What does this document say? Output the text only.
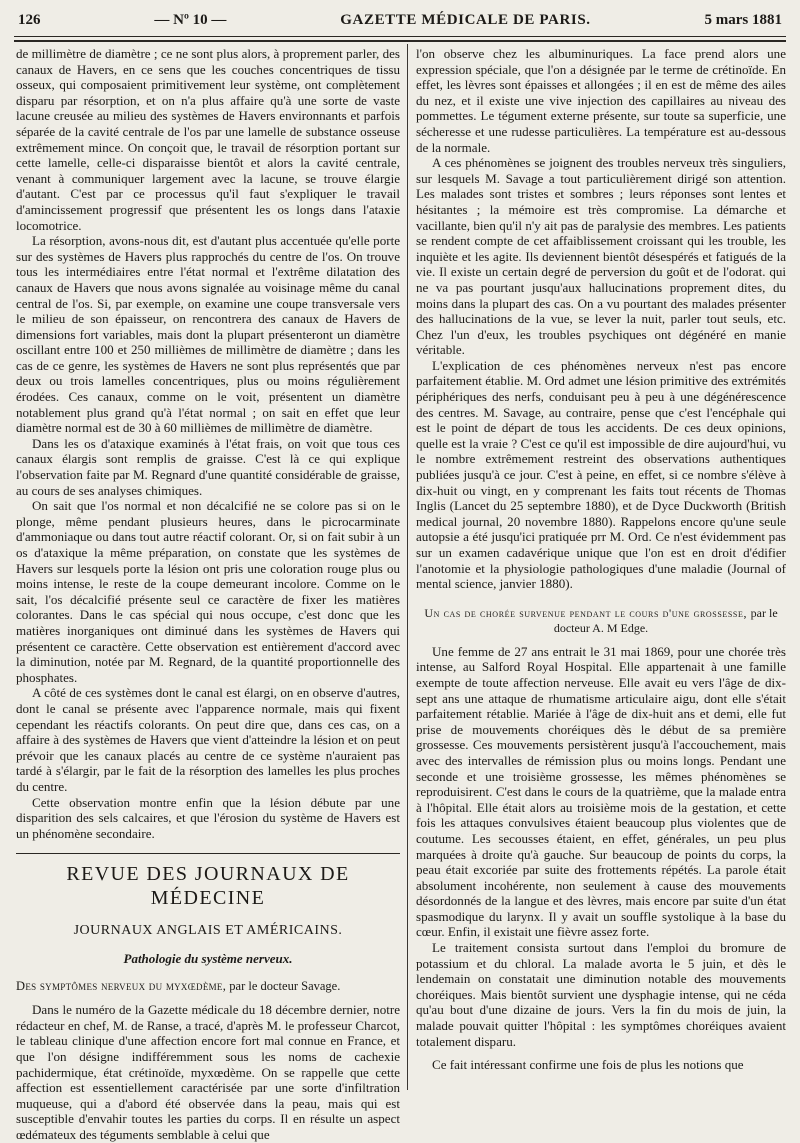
126	— Nº 10 —	GAZETTE MÉDICALE DE PARIS.	5 mars 1881

de millimètre de diamètre ; ce ne sont plus alors, à proprement parler, des canaux de Havers, en ce sens que les couches concentriques de tissu osseux, qui composaient primitivement leur système, ont complètement disparu par résorption, et on n'a plus affaire qu'à une sorte de vaste lacune creusée au milieu des systèmes de Havers environnants et parfois séparée de la cavité centrale de l'os par une lamelle de substance osseuse extrêmement mince. On conçoit que, le travail de résorption portant sur cette lamelle, celle-ci disparaisse bientôt et alors la cavité centrale, venant à communiquer largement avec la lacune, se trouve élargie d'autant. C'est par ce processus qu'il faut s'expliquer le travail d'amincissement progressif que présentent les os longs dans l'ataxie locomotrice.

La résorption, avons-nous dit, est d'autant plus accentuée qu'elle porte sur des systèmes de Havers plus rapprochés du centre de l'os. On trouve tous les intermédiaires entre l'état normal et l'extrême dilatation des canaux de Havers que nous avons signalée au voisinage même du canal central de l'os. Si, par exemple, on examine une coupe transversale vers le milieu de son épaisseur, on rencontrera des canaux de Havers de dimensions fort variables, mais dont la plupart présenteront un diamètre oscillant entre 100 et 250 millièmes de millimètre de diamètre ; dans les cas de ce genre, les systèmes de Havers ne sont plus représentés que par deux ou trois lamelles concentriques, plus ou moins régulièrement érodées. Ces canaux, comme on le voit, présentent un diamètre notablement plus grand qu'à l'état normal ; on sait en effet que leur diamètre normal est de 30 à 60 millièmes de millimètre de diamètre.

Dans les os d'ataxique examinés à l'état frais, on voit que tous ces canaux élargis sont remplis de graisse. C'est là ce qui explique l'observation faite par M. Regnard d'une quantité considérable de graisse, au cours de ses analyses chimiques.

On sait que l'os normal et non décalcifié ne se colore pas si on le plonge, même pendant plusieurs heures, dans le picrocarminate d'ammoniaque ou dans tout autre réactif colorant. Or, si on fait subir à un os d'ataxique la même préparation, on constate que les systèmes de Havers sur lesquels porte la lésion ont pris une coloration rouge plus ou moins intense, le reste de la coupe demeurant incolore. Comme on le sait, l'os décalcifié présente seul ce caractère de fixer les matières colorantes. Dans le cas spécial qui nous occupe, c'est donc que les matières inorganiques ont diminué dans les systèmes de Havers qui présentent ce caractère. Cette observation est entièrement d'accord avec la diminution, notée par M. Regnard, de la quantité proportionnelle des phosphates.

A côté de ces systèmes dont le canal est élargi, on en observe d'autres, dont le canal se présente avec l'apparence normale, mais qui fixent cependant les réactifs colorants. On peut dire que, dans ces cas, on a affaire à des systèmes de Havers que vient d'atteindre la lésion et on peut prévoir que les canaux placés au centre de ce système n'auraient pas tardé à s'élargir, par le fait de la résorption des lamelles les plus proches du centre.

Cette observation montre enfin que la lésion débute par une disparition des sels calcaires, et que l'érosion du système de Havers est un phénomène secondaire.

REVUE DES JOURNAUX DE MÉDECINE
JOURNAUX ANGLAIS ET AMÉRICAINS.
Pathologie du système nerveux.
Des symptômes nerveux du myxœdème, par le docteur Savage.

Dans le numéro de la Gazette médicale du 18 décembre dernier, notre rédacteur en chef, M. de Ranse, a tracé, d'après M. le professeur Charcot, le tableau clinique d'une affection encore fort mal connue en France, et que l'on désigne indifféremment sous les noms de cachexie pachidermique, état crétinoïde, myxœdème. On se rappelle que cette affection est essentiellement caractérisée par une sorte d'infiltration muqueuse, qui a d'abord été observée dans la peau, mais qui est susceptible d'envahir toutes les parties du corps. Il en résulte un aspect œdémateux des téguments semblable à celui que

l'on observe chez les albuminuriques. La face prend alors une expression spéciale, que l'on a désignée par le terme de crétinoïde. En effet, les lèvres sont épaisses et allongées ; il en est de même des ailes du nez, et il existe une vive injection des capillaires au niveau des pommettes. Le tégument externe présente, sur toute sa superficie, une sécheresse et une rudesse particulières. La température est au-dessous de la normale.

A ces phénomènes se joignent des troubles nerveux très singuliers, sur lesquels M. Savage a tout particulièrement dirigé son attention. Les malades sont tristes et sombres ; leurs réponses sont lentes et hésitantes ; la mémoire est très compromise. La démarche et vacillante, bien qu'il n'y ait pas de paralysie des membres. Les patients se rendent compte de cet affaiblissement croissant qui les trouble, les inquiète et les agite. Ils deviennent bientôt désespérés et fatigués de la vie. Il existe un certain degré de perversion du goût et de l'odorat. qui ne va pas pourtant jusqu'aux hallucinations proprement dites, du moins dans la plupart des cas. On a vu pourtant des malades présenter des hallucinations de la vue, se lever la nuit, parler tout seuls, etc. Chez l'un d'eux, les troubles psychiques ont dégénéré en manie véritable.

L'explication de ces phénomènes nerveux n'est pas encore parfaitement établie. M. Ord admet une lésion primitive des extrémités périphériques des nerfs, conduisant peu à peu à une dégénérescence des centres. M. Savage, au contraire, pense que c'est l'encéphale qui est le point de départ de tous les accidents. De ces deux opinions, quelle est la vraie ? C'est ce qu'il est impossible de dire aujourd'hui, vu le nombre extrêmement restreint des observations authentiques publiées jusqu'à ce jour. C'est à peine, en effet, si ce nombre s'élève à dix-huit ou vingt, en y comprenant les faits tout récents de Thomas Inglis (Lancet du 25 septembre 1880), et de Dyce Duckworth (British medical journal, 20 novembre 1880). Rappelons encore qu'une seule autopsie a été jusqu'ici pratiquée prr M. Ord. Ce n'est évidemment pas sur un examen cadavérique unique que l'on est en droit d'édifier l'anotomie et la physiologie pathologiques d'une maladie (Journal of mental science, janvier 1880).

Un cas de chorée survenue pendant le cours d'une grossesse, par le docteur A. M Edge.

Une femme de 27 ans entrait le 31 mai 1869, pour une chorée très intense, au Salford Royal Hospital. Elle appartenait à une famille exempte de toute affection nerveuse. Elle avait eu vers l'âge de dix-sept ans une attaque de rhumatisme articulaire aigu, dont elle s'était parfaitement rétablie. Mariée à l'âge de dix-huit ans et demi, elle fut prise de mouvements choréiques dès le début de sa première grossesse. Ces mouvements persistèrent jusqu'à l'accouchement, mais avec des intervalles de rémission plus ou moins longs. Pendant une seconde et une troisième grossesse, les mêmes phénomènes se reproduisirent. C'est dans le cours de la quatrième, que la malade entra à l'hôpital. Elle était alors au troisième mois de la gestation, et cette fois les attaques convulsives étaient beaucoup plus violentes que de coutume. Les secousses étaient, en effet, générales, un peu plus marquées à droite qu'à gauche. Sur beaucoup de points du corps, la peau était excoriée par suite des frottements répétés. La parole était absolument incohérente, non seulement à cause des mouvements désordonnés de la langue et des lèvres, mais encore par suite d'un état spasmodique du larynx. Il y avait un souffle systolique à la base du cœur. Enfin, il existait une fièvre assez forte.

Le traitement consista surtout dans l'emploi du bromure de potassium et du chloral. La malade avorta le 5 juin, et dès le lendemain on constatait une diminution notable des mouvements choréiques. Mais bientôt survient une dysphagie intense, qui ne céda qu'au bout d'une dizaine de jours. Vers la fin du mois de juin, la malade pouvait quitter l'hôpital : les symptômes choréiques avaient totalement disparu.

Ce fait intéressant confirme une fois de plus les notions que
